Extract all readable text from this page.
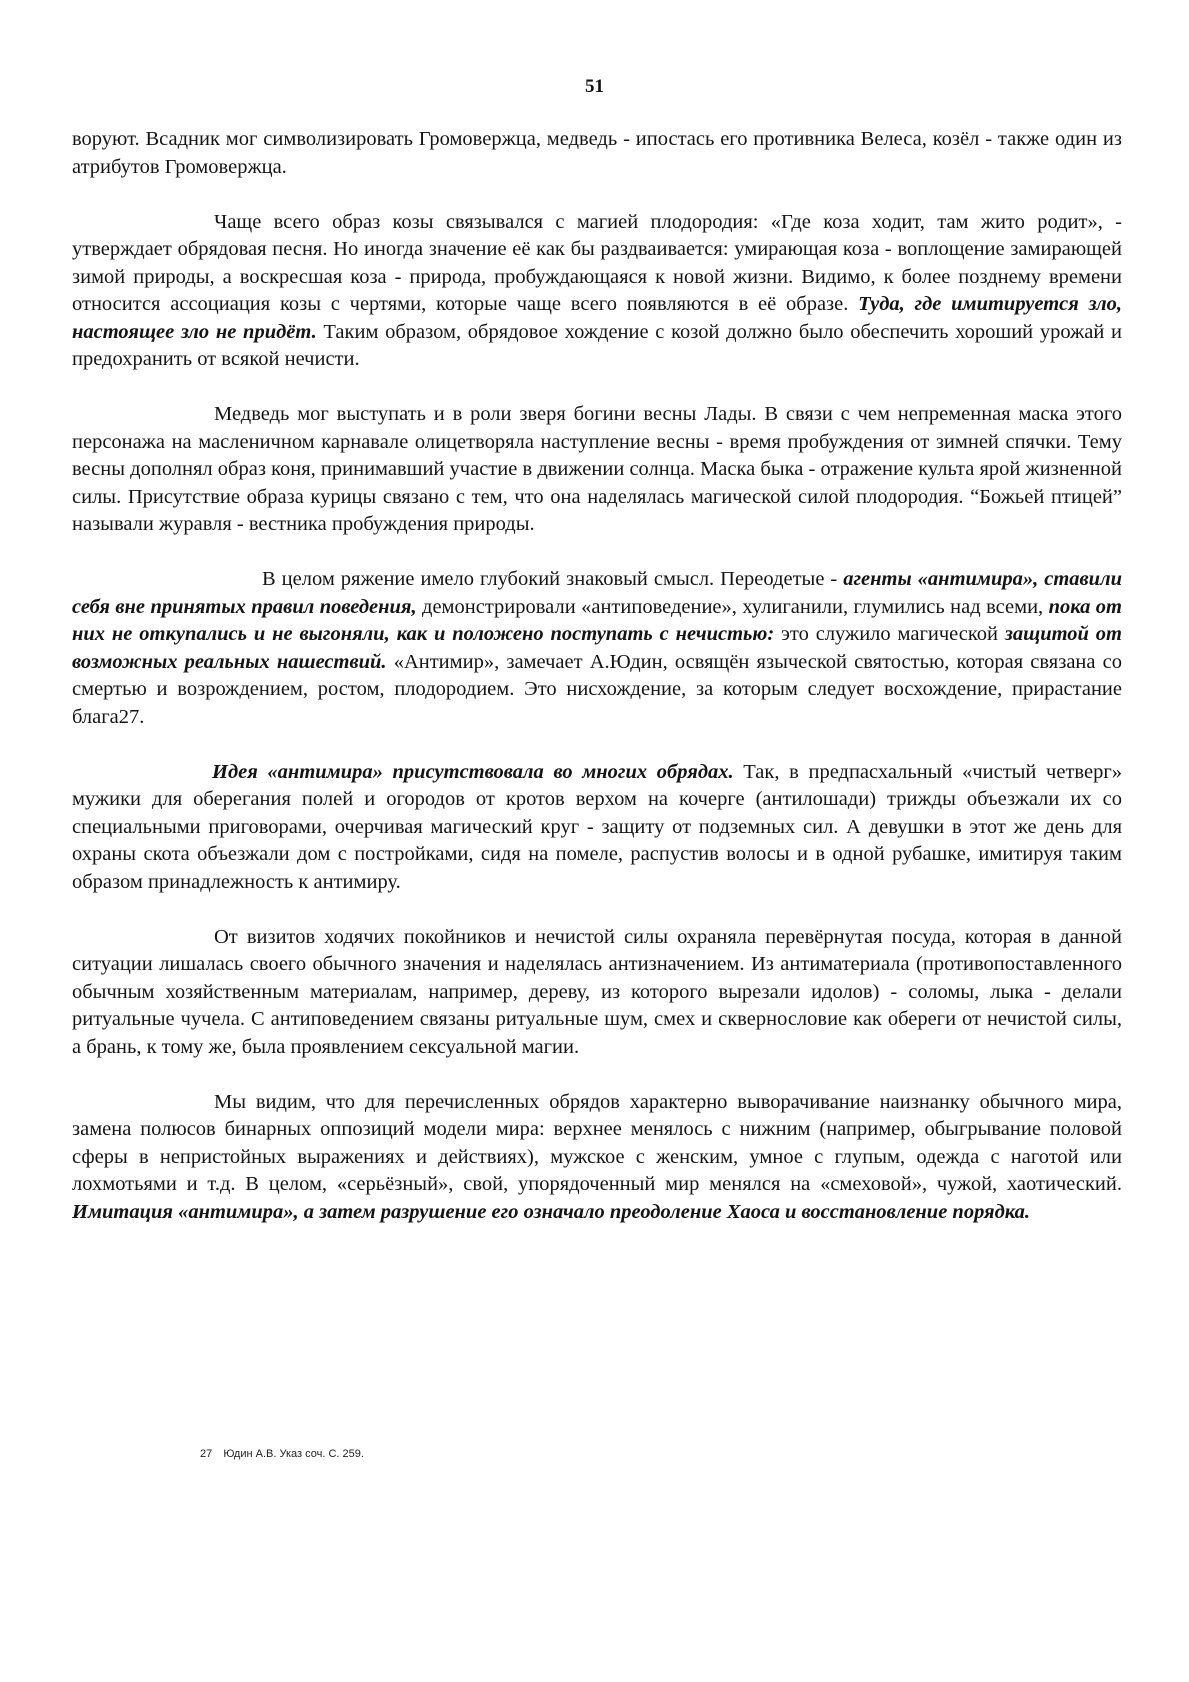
51

воруют. Всадник мог символизировать Громовержца, медведь - ипостась его противника Велеса, козёл - также один из атрибутов Громовержца.

Чаще всего образ козы связывался с магией плодородия: «Где коза ходит, там жито родит», - утверждает обрядовая песня. Но иногда значение её как бы раздваивается: умирающая коза - воплощение замирающей зимой природы, а воскресшая коза - природа, пробуждающаяся к новой жизни. Видимо, к более позднему времени относится ассоциация козы с чертями, которые чаще всего появляются в её образе. Туда, где имитируется зло, настоящее зло не придёт. Таким образом, обрядовое хождение с козой должно было обеспечить хороший урожай и предохранить от всякой нечисти.

Медведь мог выступать и в роли зверя богини весны Лады. В связи с чем непременная маска этого персонажа на масленичном карнавале олицетворяла наступление весны - время пробуждения от зимней спячки. Тему весны дополнял образ коня, принимавший участие в движении солнца. Маска быка - отражение культа ярой жизненной силы. Присутствие образа курицы связано с тем, что она наделялась магической силой плодородия. “Божьей птицей” называли журавля - вестника пробуждения природы.

В целом ряжение имело глубокий знаковый смысл. Переодетые - агенты «антимира», ставили себя вне принятых правил поведения, демонстрировали «антиповедение», хулиганили, глумились над всеми, пока от них не откупались и не выгоняли, как и положено поступать с нечистью: это служило магической защитой от возможных реальных нашествий. «Антимир», замечает А.Юдин, освящён языческой святостью, которая связана со смертью и возрождением, ростом, плодородием. Это нисхождение, за которым следует восхождение, прирастание блага27.

Идея «антимира» присутствовала во многих обрядах. Так, в предпасхальный «чистый четверг» мужики для оберегания полей и огородов от кротов верхом на кочерге (антилошади) трижды объезжали их со специальными приговорами, очерчивая магический круг - защиту от подземных сил. А девушки в этот же день для охраны скота объезжали дом с постройками, сидя на помеле, распустив волосы и в одной рубашке, имитируя таким образом принадлежность к антимиру.

От визитов ходячих покойников и нечистой силы охраняла перевёрнутая посуда, которая в данной ситуации лишалась своего обычного значения и наделялась антизначением. Из антиматериала (противопоставленного обычным хозяйственным материалам, например, дереву, из которого вырезали идолов) - соломы, лыка - делали ритуальные чучела. С антиповедением связаны ритуальные шум, смех и сквернословие как обереги от нечистой силы, а брань, к тому же, была проявлением сексуальной магии.

Мы видим, что для перечисленных обрядов характерно выворачивание наизнанку обычного мира, замена полюсов бинарных оппозиций модели мира: верхнее менялось с нижним (например, обыгрывание половой сферы в непристойных выражениях и действиях), мужское с женским, умное с глупым, одежда с наготой или лохмотьями и т.д. В целом, «серьёзный», свой, упорядоченный мир менялся на «смеховой», чужой, хаотический. Имитация «антимира», а затем разрушение его означало преодоление Хаоса и восстановление порядка.

27 Юдин А.В. Указ соч. С. 259.
